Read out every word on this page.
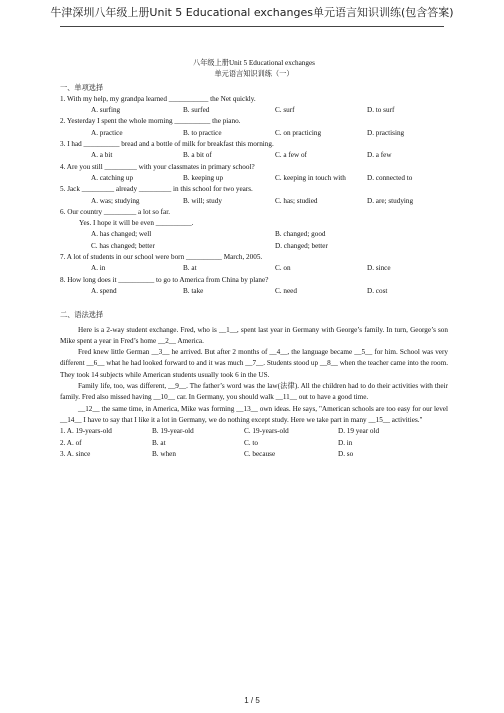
牛津深圳八年级上册Unit 5 Educational exchanges单元语言知识训练(包含答案)
八年级上册Unit 5 Educational exchanges
单元语言知识训练（一）
一、单项选择
1. With my help, my grandpa learned ___________ the Net quickly.
A. surfing	B. surfed	C. surf	D. to surf
2. Yesterday I spent the whole morning __________ the piano.
A. practice	B. to practice	C. on practicing	D. practising
3. I had __________ bread and a bottle of milk for breakfast this morning.
A. a bit	B. a bit of	C. a few of	D. a few
4. Are you still _________ with your classmates in primary school?
A. catching up	B. keeping up	C. keeping in touch with	D. connected to
5. Jack _________ already _________ in this school for two years.
A. was; studying	B. will; study	C. has; studied	D. are; studying
6. Our country _________ a lot so far.
Yes. I hope it will be even __________.
A. has changed; well	B. changed; good
C. has changed; better	D. changed; better
7. A lot of students in our school were born __________ March, 2005.
A. in	B. at	C. on	D. since
8. How long does it __________ to go to America from China by plane?
A. spend	B. take	C. need	D. cost
二、语法选择
Here is a 2-way student exchange. Fred, who is __1__, spent last year in Germany with George’s family. In turn, George’s son Mike spent a year in Fred’s home __2__ America.
Fred knew little German __3__ he arrived. But after 2 months of __4__, the language became __5__ for him. School was very different __6__ what he had looked forward to and it was much __7__. Students stood up __8__ when the teacher came into the room. They took 14 subjects while American students usually took 6 in the US.
Family life, too, was different, __9__. The father’s word was the law(法律). All the children had to do their activities with their family. Fred also missed having __10__ car. In Germany, you should walk __11__ out to have a good time.
__12__ the same time, in America, Mike was forming __13__ own ideas. He says, "American schools are too easy for our level __14__ I have to say that I like it a lot in Germany, we do nothing except study. Here we take part in many __15__ activities."
1. A. 19-years-old	B. 19-year-old	C. 19-years-old	D. 19 year old
2. A. of	B. at	C. to	D. in
3. A. since	B. when	C. because	D. so
1 / 5
